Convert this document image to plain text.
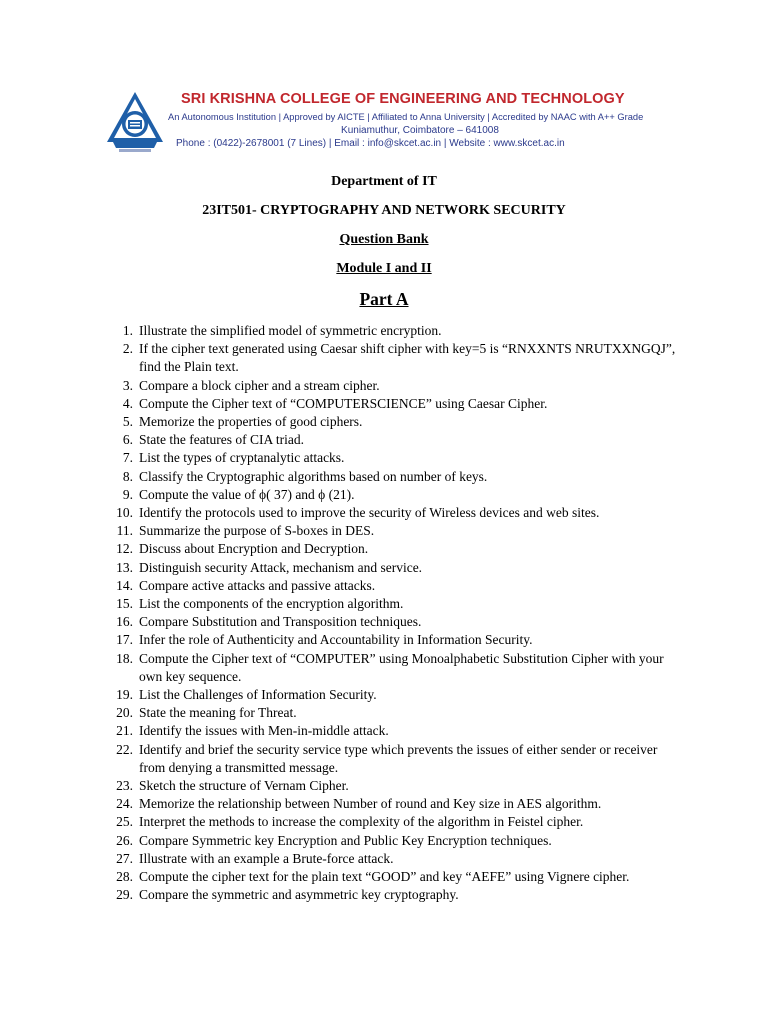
SRI KRISHNA COLLEGE OF ENGINEERING AND TECHNOLOGY
An Autonomous Institution | Approved by AICTE | Affiliated to Anna University | Accredited by NAAC with A++ Grade
Kuniamuthur, Coimbatore – 641008
Phone : (0422)-2678001 (7 Lines) | Email : info@skcet.ac.in | Website : www.skcet.ac.in
Department of IT
23IT501- CRYPTOGRAPHY AND NETWORK SECURITY
Question Bank
Module I and II
Part A
1. Illustrate the simplified model of symmetric encryption.
2. If the cipher text generated using Caesar shift cipher with key=5 is “RNXXNTS NRUTXXNGQJ”, find the Plain text.
3. Compare a block cipher and a stream cipher.
4. Compute the Cipher text of “COMPUTERSCIENCE” using Caesar Cipher.
5. Memorize the properties of good ciphers.
6. State the features of CIA triad.
7. List the types of cryptanalytic attacks.
8. Classify the Cryptographic algorithms based on number of keys.
9. Compute the value of ϕ( 37) and ϕ (21).
10. Identify the protocols used to improve the security of Wireless devices and web sites.
11. Summarize the purpose of S-boxes in DES.
12. Discuss about Encryption and Decryption.
13. Distinguish security Attack, mechanism and service.
14. Compare active attacks and passive attacks.
15. List the components of the encryption algorithm.
16. Compare Substitution and Transposition techniques.
17. Infer the role of Authenticity and Accountability in Information Security.
18. Compute the Cipher text of “COMPUTER” using Monoalphabetic Substitution Cipher with your own key sequence.
19. List the Challenges of Information Security.
20. State the meaning for Threat.
21. Identify the issues with Men-in-middle attack.
22. Identify and brief the security service type which prevents the issues of either sender or receiver from denying a transmitted message.
23. Sketch the structure of Vernam Cipher.
24. Memorize the relationship between Number of round and Key size in AES algorithm.
25. Interpret the methods to increase the complexity of the algorithm in Feistel cipher.
26. Compare Symmetric key Encryption and Public Key Encryption techniques.
27. Illustrate with an example a Brute-force attack.
28. Compute the cipher text for the plain text “GOOD” and key “AEFE” using Vignere cipher.
29. Compare the symmetric and asymmetric key cryptography.
